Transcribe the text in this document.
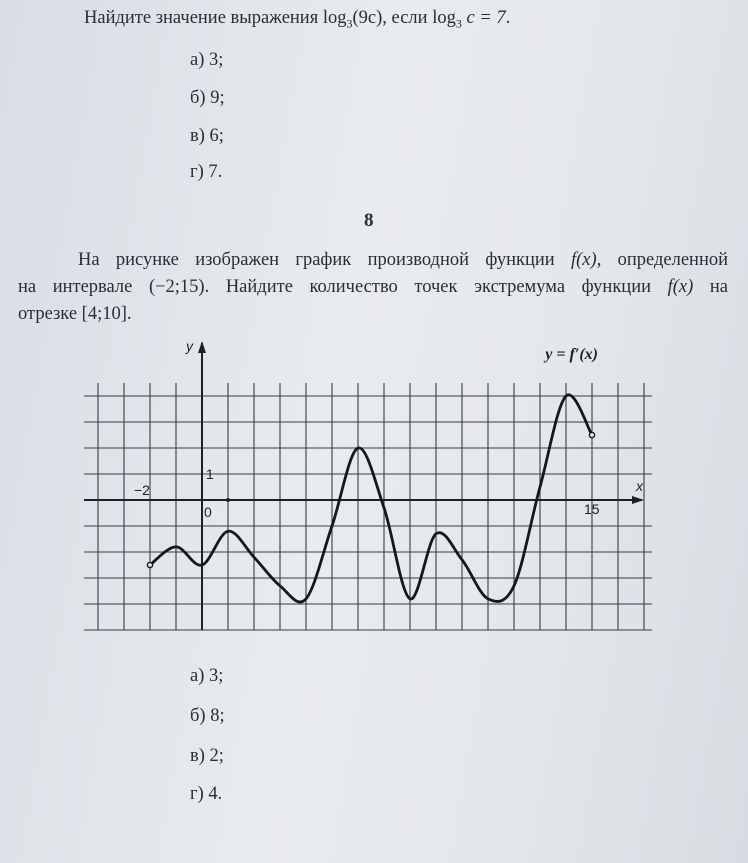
Найдите значение выражения $\log_3(9c)$, если $\log_3 c = 7$.
а) 3;
б) 9;
в) 6;
г) 7.
8

На рисунке изображен график производной функции f(x), определенной

на интервале (−2;15). Найдите количество точек экстремума функции f(x) на

отрезке [4;10].

−2
0	15
1
x
y	y = f′(x)
а) 3;
б) 8;
в) 2;
г) 4.
